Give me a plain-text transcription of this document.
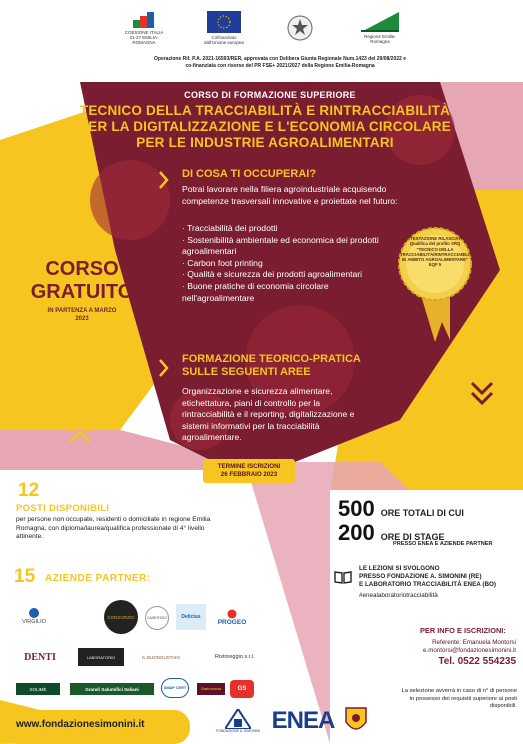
COESIONE ITALIA 21-27 EMILIA-ROMAGNA
Cofinanziato dall'Unione europea
Regione Emilia-Romagna
Operazione Rif. P.A. 2021-16593/RER, approvata con Delibera Giunta Regionale Num.1423 del 29/08/2022 e co-finanziata con risorse del PR FSE+ 2021/2027 della Regione Emilia-Romagna
CORSO DI FORMAZIONE SUPERIORE
TECNICO DELLA TRACCIABILITÀ E RINTRACCIABILITÀ
PER LA DIGITALIZZAZIONE E L'ECONOMIA CIRCOLARE
PER LE INDUSTRIE AGROALIMENTARI
DI COSA TI OCCUPERAI?
Potrai lavorare nella filiera agroindustriale acquisendo competenze trasversali innovative e proiettate nel futuro:
· Tracciabilità dei prodotti
· Sostenibilità ambientale ed economica dei prodotti agroalimentari
· Carbon foot printing
· Qualità e sicurezza dei prodotti agroalimentari
· Buone pratiche di economia circolare nell'agroalimentare
CORSO
GRATUITO
IN PARTENZA A MARZO
2023
ATTESTAZIONE RILASCIATA: Qualifica del profilo SRQ "TECNICO DELLA TRACCIABILITÀ/RINTRACCIABILITÀ IN AMBITO AGROALIMENTARE" EQF 5
FORMAZIONE TEORICO-PRATICA
SULLE SEGUENTI AREE
Organizzazione e sicurezza alimentare, etichettatura, piani di controllo per la rintracciabilità e il reporting, digitalizzazione e sistemi informativi per la tracciabilità agroalimentare.
TERMINE ISCRIZIONI
26 FEBBRAIO 2023
12
POSTI DISPONIBILI
per persone non occupate, residenti o domiciliate in regione Emilia Romagna, con diploma/laurea/qualifica professionale di 4° livello attinente.
15 AZIENDE PARTNER:
VIRGILIO
CONSORZIO	CASEIFICIO	Delicius
PROGEO
DENTI	LABORATORIO	IL BUONGUSTAIO	Ristoreggio s.r.l.
SOLIMÈ	Grandi Salumifici Italiani	SMAP CERT	Gastronomia	GS
500 ORE TOTALI DI CUI
200 ORE DI STAGE
PRESSO ENEA E AZIENDE PARTNER
LE LEZIONI SI SVOLGONO
PRESSO FONDAZIONE A. SIMONINI (RE)
E LABORATORIO TRACCIABILITÀ ENEA (BO)
#enealaboratoriotracciabilità
PER INFO E ISCRIZIONI:
Referente: Emanuela Montorsi
e.montorsi@fondazionesimonini.it
Tel. 0522 554235
La selezione avverrà in caso di n° di persone in possesso dei requisiti superiore ai posti disponibili.
www.fondazionesimonini.it
FONDAZIONE A. SIMONINI ENEA
